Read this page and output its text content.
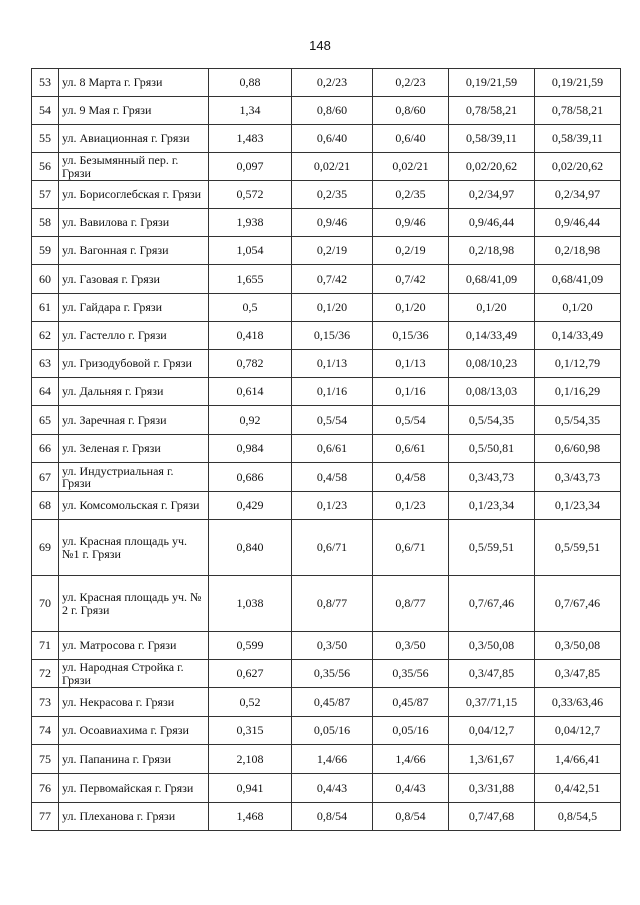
148
53	ул. 8 Марта г. Грязи	0,88	0,2/23	0,2/23	0,19/21,59	0,19/21,59
54	ул. 9 Мая г. Грязи	1,34	0,8/60	0,8/60	0,78/58,21	0,78/58,21
55	ул. Авиационная г. Грязи	1,483	0,6/40	0,6/40	0,58/39,11	0,58/39,11
56	ул. Безымянный пер. г. Грязи	0,097	0,02/21	0,02/21	0,02/20,62	0,02/20,62
57	ул. Борисоглебская г. Грязи	0,572	0,2/35	0,2/35	0,2/34,97	0,2/34,97
58	ул. Вавилова г. Грязи	1,938	0,9/46	0,9/46	0,9/46,44	0,9/46,44
59	ул. Вагонная г. Грязи	1,054	0,2/19	0,2/19	0,2/18,98	0,2/18,98
60	ул. Газовая г. Грязи	1,655	0,7/42	0,7/42	0,68/41,09	0,68/41,09
61	ул. Гайдара г. Грязи	0,5	0,1/20	0,1/20	0,1/20	0,1/20
62	ул. Гастелло г. Грязи	0,418	0,15/36	0,15/36	0,14/33,49	0,14/33,49
63	ул. Гризодубовой г. Грязи	0,782	0,1/13	0,1/13	0,08/10,23	0,1/12,79
64	ул. Дальняя г. Грязи	0,614	0,1/16	0,1/16	0,08/13,03	0,1/16,29
65	ул. Заречная г. Грязи	0,92	0,5/54	0,5/54	0,5/54,35	0,5/54,35
66	ул. Зеленая г. Грязи	0,984	0,6/61	0,6/61	0,5/50,81	0,6/60,98
67	ул. Индустриальная г. Грязи	0,686	0,4/58	0,4/58	0,3/43,73	0,3/43,73
68	ул. Комсомольская г. Грязи	0,429	0,1/23	0,1/23	0,1/23,34	0,1/23,34
69	ул. Красная площадь уч. №1 г. Грязи	0,840	0,6/71	0,6/71	0,5/59,51	0,5/59,51
70	ул. Красная площадь уч. № 2 г. Грязи	1,038	0,8/77	0,8/77	0,7/67,46	0,7/67,46
71	ул. Матросова г. Грязи	0,599	0,3/50	0,3/50	0,3/50,08	0,3/50,08
72	ул. Народная Стройка г. Грязи	0,627	0,35/56	0,35/56	0,3/47,85	0,3/47,85
73	ул. Некрасова г. Грязи	0,52	0,45/87	0,45/87	0,37/71,15	0,33/63,46
74	ул. Осоавиахима г. Грязи	0,315	0,05/16	0,05/16	0,04/12,7	0,04/12,7
75	ул. Папанина г. Грязи	2,108	1,4/66	1,4/66	1,3/61,67	1,4/66,41
76	ул. Первомайская г. Грязи	0,941	0,4/43	0,4/43	0,3/31,88	0,4/42,51
77	ул. Плеханова г. Грязи	1,468	0,8/54	0,8/54	0,7/47,68	0,8/54,5
